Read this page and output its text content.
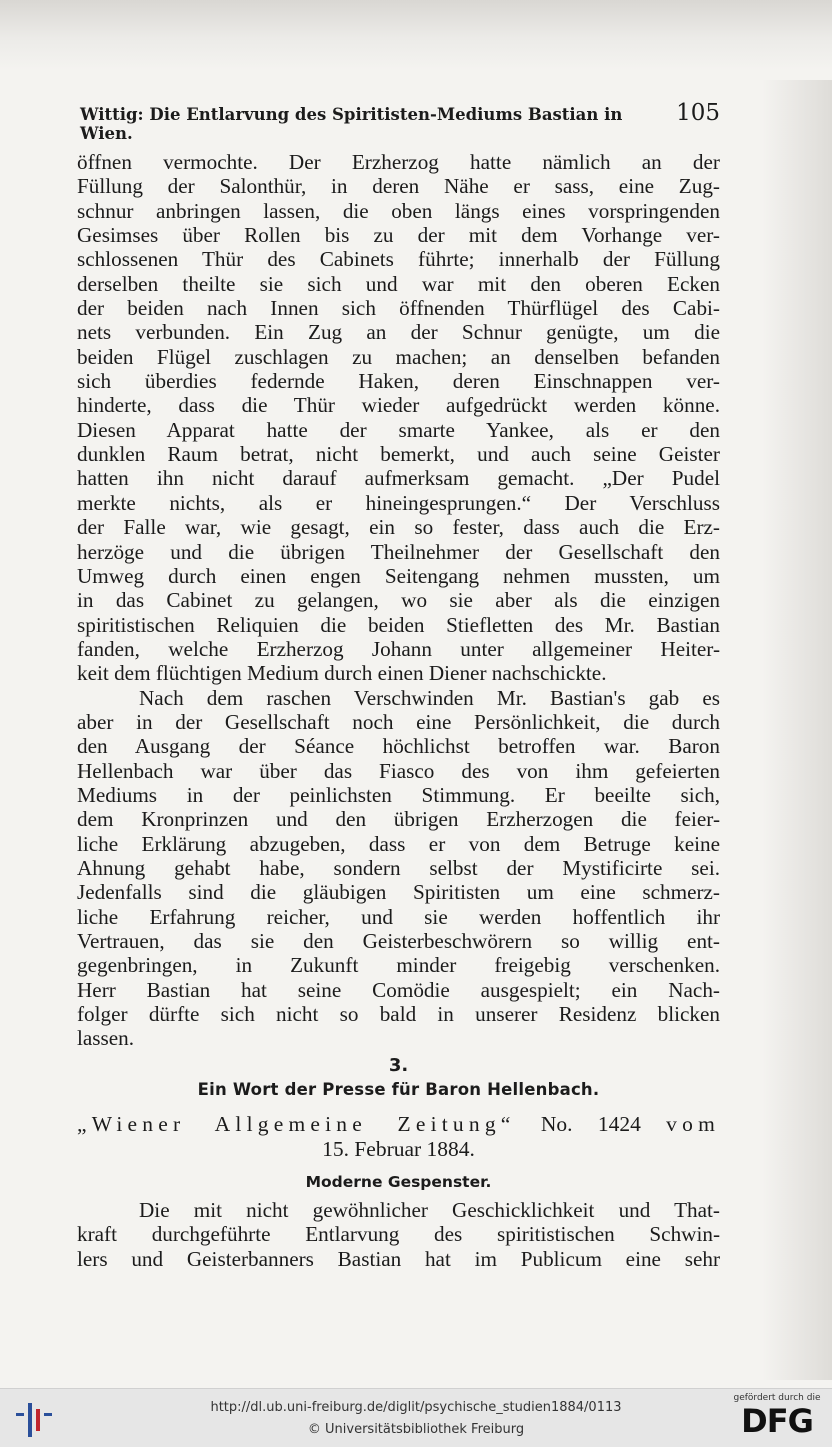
Wittig: Die Entlarvung des Spiritisten-Mediums Bastian in Wien.
105
öffnen vermochte. Der Erzherzog hatte nämlich an der
Füllung der Salonthür, in deren Nähe er sass, eine Zug-
schnur anbringen lassen, die oben längs eines vorspringenden
Gesimses über Rollen bis zu der mit dem Vorhange ver-
schlossenen Thür des Cabinets führte; innerhalb der Füllung
derselben theilte sie sich und war mit den oberen Ecken
der beiden nach Innen sich öffnenden Thürflügel des Cabi-
nets verbunden. Ein Zug an der Schnur genügte, um die
beiden Flügel zuschlagen zu machen; an denselben befanden
sich überdies federnde Haken, deren Einschnappen ver-
hinderte, dass die Thür wieder aufgedrückt werden könne.
Diesen Apparat hatte der smarte Yankee, als er den
dunklen Raum betrat, nicht bemerkt, und auch seine Geister
hatten ihn nicht darauf aufmerksam gemacht. „Der Pudel
merkte nichts, als er hineingesprungen.“ Der Verschluss
der Falle war, wie gesagt, ein so fester, dass auch die Erz-
herzöge und die übrigen Theilnehmer der Gesellschaft den
Umweg durch einen engen Seitengang nehmen mussten, um
in das Cabinet zu gelangen, wo sie aber als die einzigen
spiritistischen Reliquien die beiden Stiefletten des Mr. Bastian
fanden, welche Erzherzog Johann unter allgemeiner Heiter-
keit dem flüchtigen Medium durch einen Diener nachschickte.
Nach dem raschen Verschwinden Mr. Bastian's gab es
aber in der Gesellschaft noch eine Persönlichkeit, die durch
den Ausgang der Séance höchlichst betroffen war. Baron
Hellenbach war über das Fiasco des von ihm gefeierten
Mediums in der peinlichsten Stimmung. Er beeilte sich,
dem Kronprinzen und den übrigen Erzherzogen die feier-
liche Erklärung abzugeben, dass er von dem Betruge keine
Ahnung gehabt habe, sondern selbst der Mystificirte sei.
Jedenfalls sind die gläubigen Spiritisten um eine schmerz-
liche Erfahrung reicher, und sie werden hoffentlich ihr
Vertrauen, das sie den Geisterbeschwörern so willig ent-
gegenbringen, in Zukunft minder freigebig verschenken.
Herr Bastian hat seine Comödie ausgespielt; ein Nach-
folger dürfte sich nicht so bald in unserer Residenz blicken
lassen.
3.
Ein Wort der Presse für Baron Hellenbach.
„Wiener Allgemeine Zeitung“ No. 1424 vom
15. Februar 1884.
Moderne Gespenster.
Die mit nicht gewöhnlicher Geschicklichkeit und That-
kraft durchgeführte Entlarvung des spiritistischen Schwin-
lers und Geisterbanners Bastian hat im Publicum eine sehr
http://dl.ub.uni-freiburg.de/diglit/psychische_studien1884/0113
© Universitätsbibliothek Freiburg
gefördert durch die
DFG
